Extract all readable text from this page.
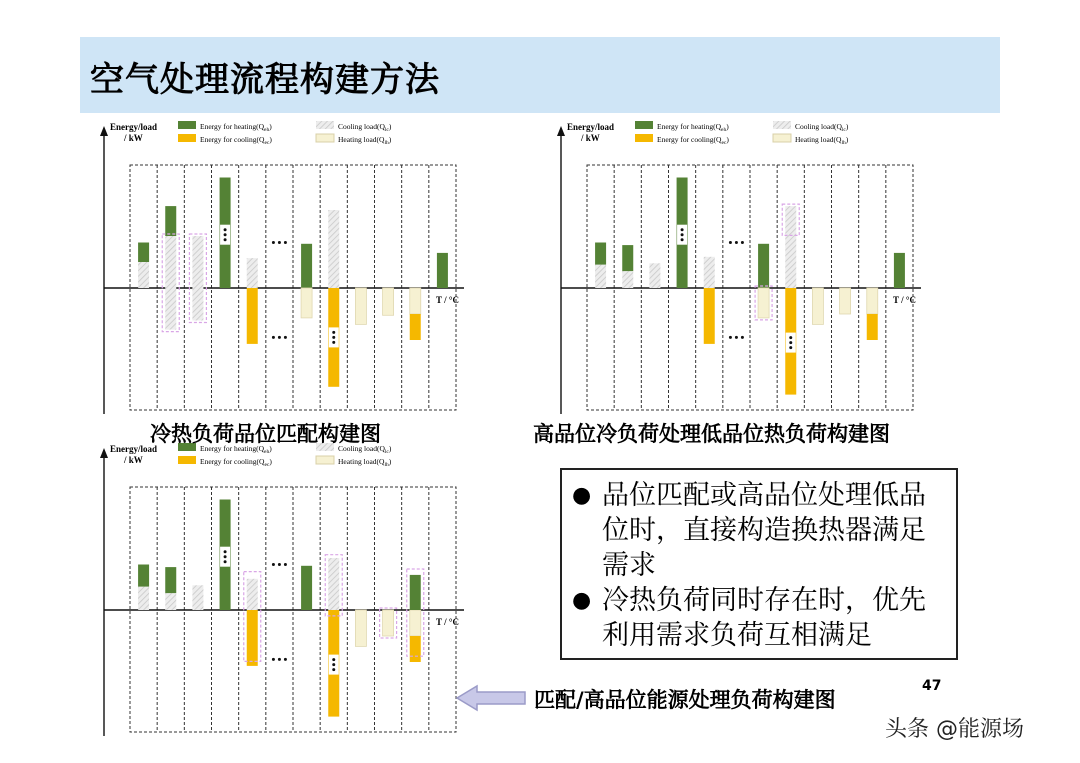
空气处理流程构建方法
Energy/load
/ kW
T / °C
Energy for $heating(Q_{eh})$
Energy for $cooling(Q_{ec})$
Cooling $load(Q_{lc})$
Heating $load(Q_{lh})$
Energy/load
/ kW
T / °C
Energy for $heating(Q_{eh})$
Energy for $cooling(Q_{ec})$
Cooling $load(Q_{lc})$
Heating $load(Q_{lh})$
Energy/load
/ kW
T / °C
Energy for $heating(Q_{eh})$
Energy for $cooling(Q_{ec})$
Cooling $load(Q_{lc})$
Heating $load(Q_{lh})$
冷热负荷品位匹配构建图	高品位冷负荷处理低品位热负荷构建图
● 品位匹配或高品位处理低品位时，直接构造换热器满足需求
● 冷热负荷同时存在时，优先利用需求负荷互相满足
匹配/高品位能源处理负荷构建图
47
头条 @能源场
